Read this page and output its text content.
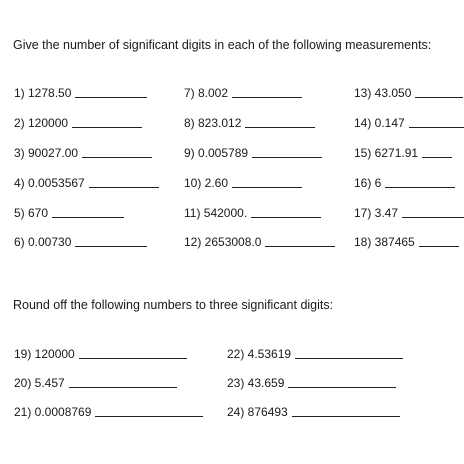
Give the number of significant digits in each of the following measurements:
1) 1278.50
2) 120000
3) 90027.00
4) 0.0053567
5) 670
6) 0.00730
7) 8.002
8) 823.012
9) 0.005789
10) 2.60
11) 542000.
12) 2653008.0
13) 43.050
14) 0.147
15) 6271.91
16) 6
17) 3.47
18) 387465
Round off the following numbers to three significant digits:
19) 120000
20) 5.457
21) 0.0008769
22) 4.53619
23) 43.659
24) 876493
